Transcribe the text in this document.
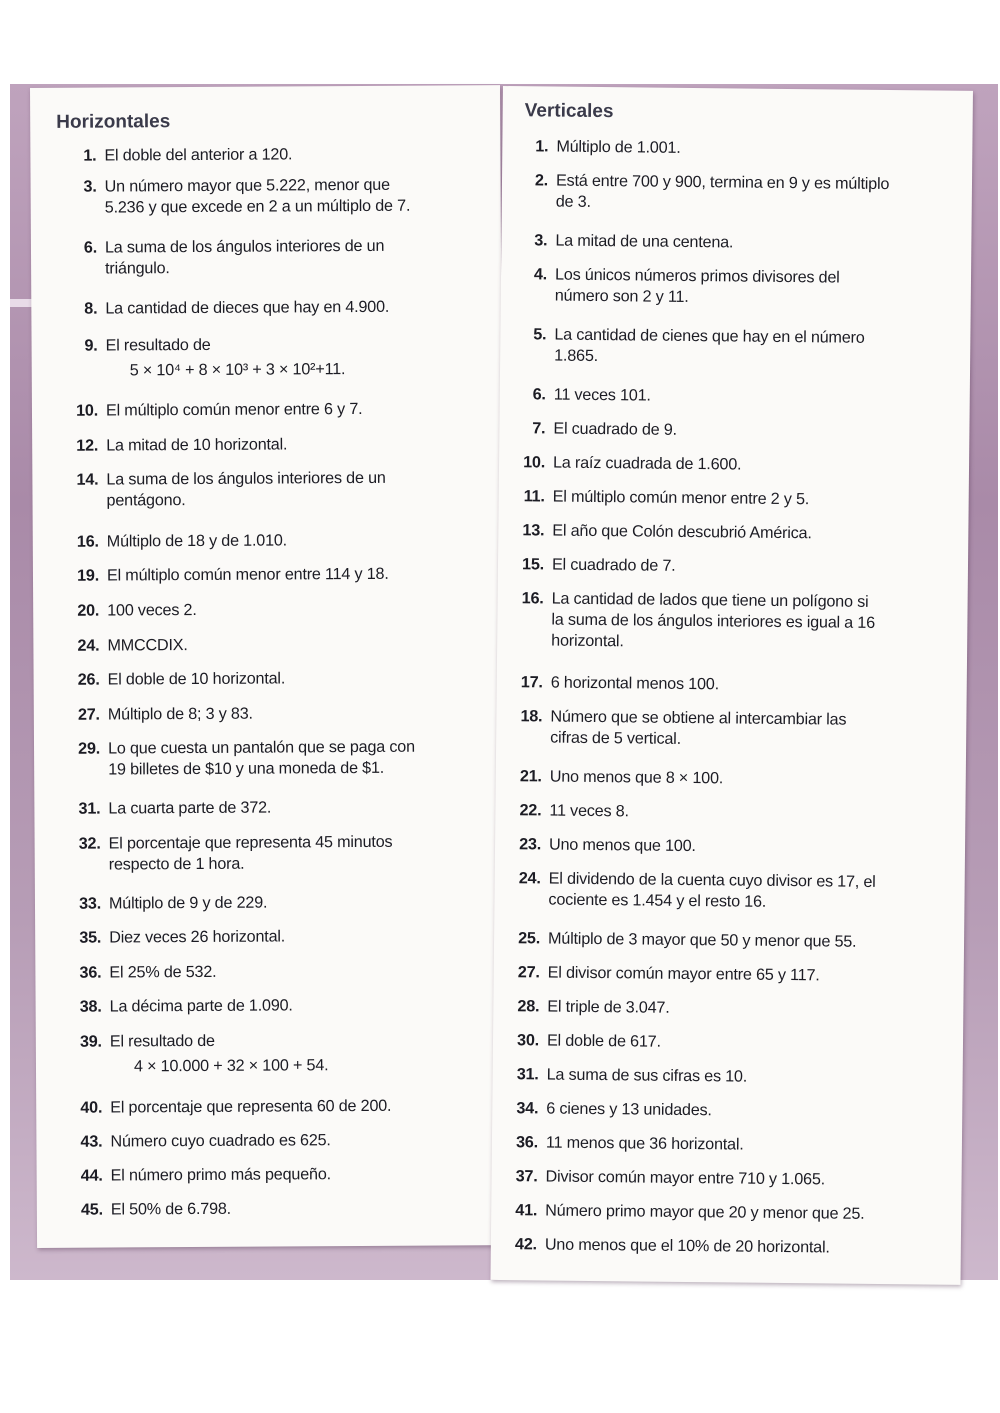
Horizontales
1. El doble del anterior a 120.
3. Un número mayor que 5.222, menor que
5.236 y que excede en 2 a un múltiplo de 7.
6. La suma de los ángulos interiores de un
triángulo.
8. La cantidad de dieces que hay en 4.900.
9. El resultado de
5 × 10⁴ + 8 × 10³ + 3 × 10²+11.
10. El múltiplo común menor entre 6 y 7.
12. La mitad de 10 horizontal.
14. La suma de los ángulos interiores de un
pentágono.
16. Múltiplo de 18 y de 1.010.
19. El múltiplo común menor entre 114 y 18.
20. 100 veces 2.
24. MMCCDIX.
26. El doble de 10 horizontal.
27. Múltiplo de 8; 3 y 83.
29. Lo que cuesta un pantalón que se paga con
19 billetes de $10 y una moneda de $1.
31. La cuarta parte de 372.
32. El porcentaje que representa 45 minutos
respecto de 1 hora.
33. Múltiplo de 9 y de 229.
35. Diez veces 26 horizontal.
36. El 25% de 532.
38. La décima parte de 1.090.
39. El resultado de
4 × 10.000 + 32 × 100 + 54.
40. El porcentaje que representa 60 de 200.
43. Número cuyo cuadrado es 625.
44. El número primo más pequeño.
45. El 50% de 6.798.
Verticales
1. Múltiplo de 1.001.
2. Está entre 700 y 900, termina en 9 y es múltiplo
de 3.
3. La mitad de una centena.
4. Los únicos números primos divisores del
número son 2 y 11.
5. La cantidad de cienes que hay en el número
1.865.
6. 11 veces 101.
7. El cuadrado de 9.
10. La raíz cuadrada de 1.600.
11. El múltiplo común menor entre 2 y 5.
13. El año que Colón descubrió América.
15. El cuadrado de 7.
16. La cantidad de lados que tiene un polígono si
la suma de los ángulos interiores es igual a 16
horizontal.
17. 6 horizontal menos 100.
18. Número que se obtiene al intercambiar las
cifras de 5 vertical.
21. Uno menos que 8 × 100.
22. 11 veces 8.
23. Uno menos que 100.
24. El dividendo de la cuenta cuyo divisor es 17, el
cociente es 1.454 y el resto 16.
25. Múltiplo de 3 mayor que 50 y menor que 55.
27. El divisor común mayor entre 65 y 117.
28. El triple de 3.047.
30. El doble de 617.
31. La suma de sus cifras es 10.
34. 6 cienes y 13 unidades.
36. 11 menos que 36 horizontal.
37. Divisor común mayor entre 710 y 1.065.
41. Número primo mayor que 20 y menor que 25.
42. Uno menos que el 10% de 20 horizontal.
